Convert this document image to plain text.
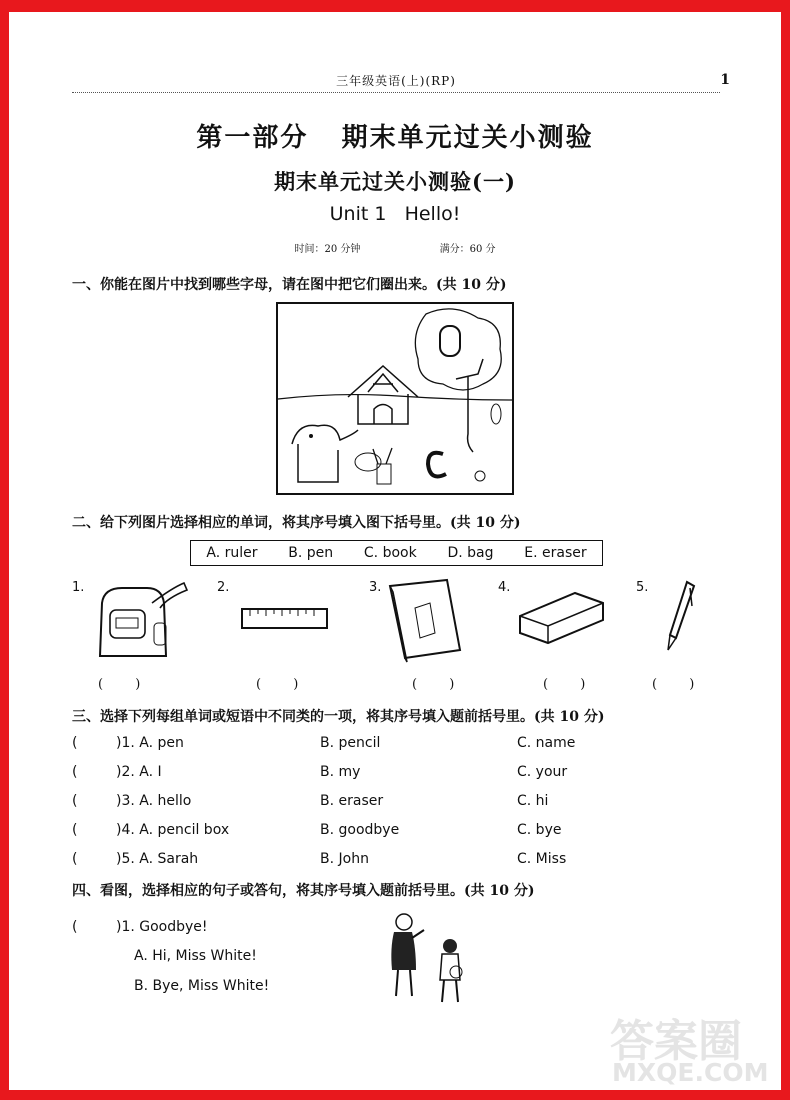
三年级英语(上)(RP)	1
第一部分   期末单元过关小测验
期末单元过关小测验(一)
Unit 1   Hello!
时间：20 分钟	满分：60 分
一、你能在图片中找到哪些字母，请在图中把它们圈出来。(共 10 分)
二、给下列图片选择相应的单词，将其序号填入图下括号里。(共 10 分)
A. ruler B. pen C. book D. bag E. eraser
1.
( )
2.
( )
3.
( )
4.
( )
5.
( )
三、选择下列每组单词或短语中不同类的一项，将其序号填入题前括号里。(共 10 分)
(	)1. A. pen	B. pencil	C. name
(	)2. A. I	B. my	C. your
(	)3. A. hello	B. eraser	C. hi
(	)4. A. pencil box	B. goodbye	C. bye
(	)5. A. Sarah	B. John	C. Miss
四、看图，选择相应的句子或答句，将其序号填入题前括号里。(共 10 分)
(	)1. Goodbye!
A. Hi, Miss White!
B. Bye, Miss White!
答案圈
MXQE.COM
